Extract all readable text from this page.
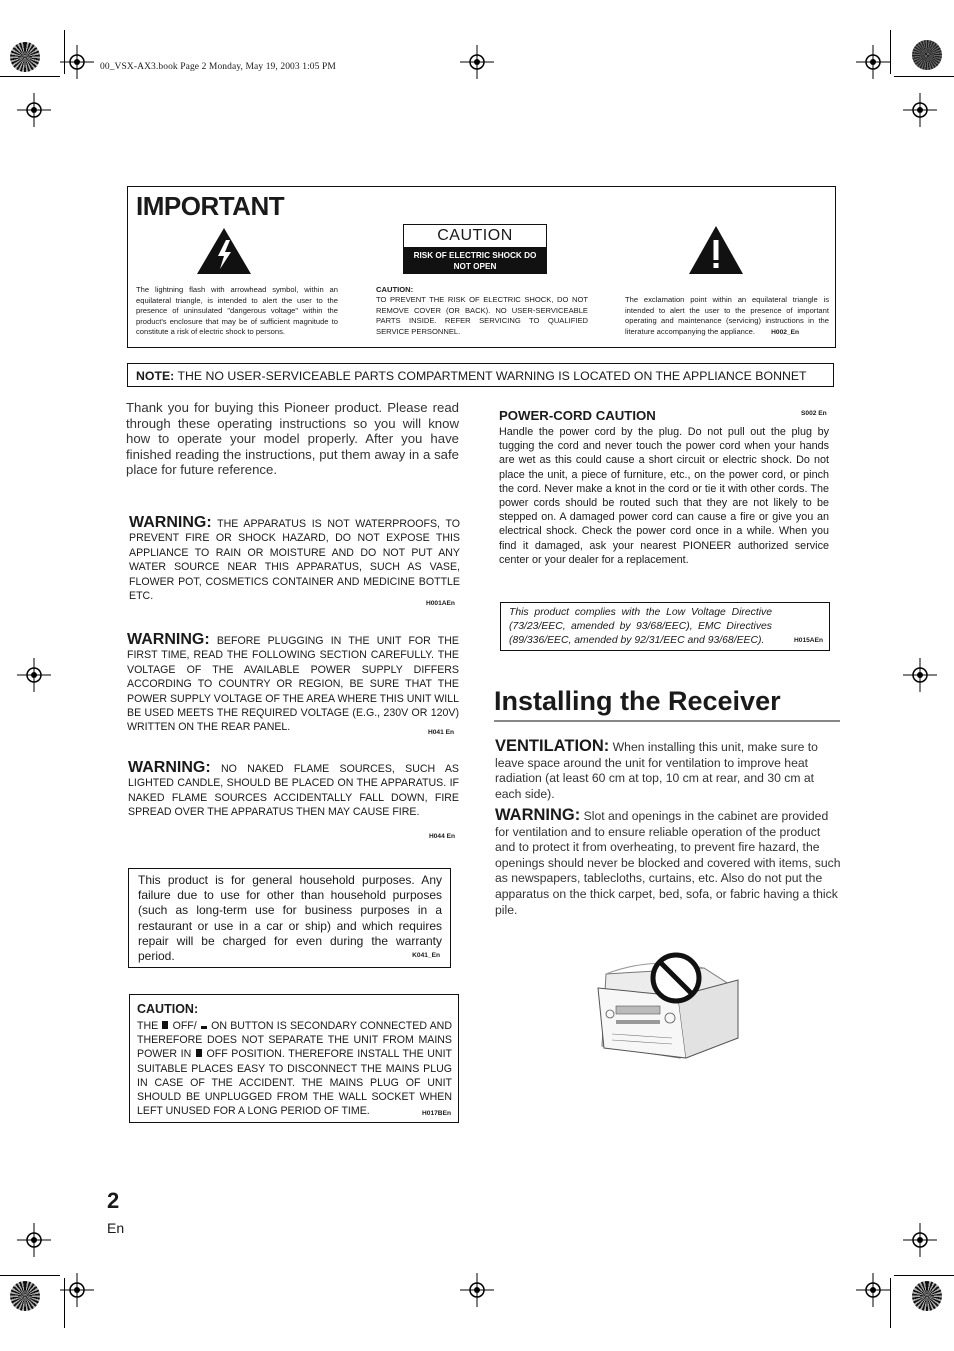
00_VSX-AX3.book Page 2 Monday, May 19, 2003 1:05 PM
IMPORTANT
The lightning flash with arrowhead symbol, within an equilateral triangle, is intended to alert the user to the presence of uninsulated "dangerous voltage" within the product's enclosure that may be of sufficient magnitude to constitute a risk of electric shock to persons.
CAUTION
RISK OF ELECTRIC SHOCK DO NOT OPEN
CAUTION:
TO PREVENT THE RISK OF ELECTRIC SHOCK, DO NOT REMOVE COVER (OR BACK). NO USER-SERVICEABLE PARTS INSIDE. REFER SERVICING TO QUALIFIED SERVICE PERSONNEL.
The exclamation point within an equilateral triangle is intended to alert the user to the presence of important operating and maintenance (servicing) instructions in the literature accompanying the appliance. H002_En
NOTE: THE NO USER-SERVICEABLE PARTS COMPARTMENT WARNING IS LOCATED ON THE APPLIANCE BONNET
Thank you for buying this Pioneer product. Please read through these operating instructions so you will know how to operate your model properly. After you have finished reading the instructions, put them away in a safe place for future reference.
WARNING: THE APPARATUS IS NOT WATERPROOFS, TO PREVENT FIRE OR SHOCK HAZARD, DO NOT EXPOSE THIS APPLIANCE TO RAIN OR MOISTURE AND DO NOT PUT ANY WATER SOURCE NEAR THIS APPARATUS, SUCH AS VASE, FLOWER POT, COSMETICS CONTAINER AND MEDICINE BOTTLE ETC.
H001AEn
WARNING: BEFORE PLUGGING IN THE UNIT FOR THE FIRST TIME, READ THE FOLLOWING SECTION CAREFULLY. THE VOLTAGE OF THE AVAILABLE POWER SUPPLY DIFFERS ACCORDING TO COUNTRY OR REGION, BE SURE THAT THE POWER SUPPLY VOLTAGE OF THE AREA WHERE THIS UNIT WILL BE USED MEETS THE REQUIRED VOLTAGE (E.G., 230V OR 120V) WRITTEN ON THE REAR PANEL.	H041 En
WARNING: NO NAKED FLAME SOURCES, SUCH AS LIGHTED CANDLE, SHOULD BE PLACED ON THE APPARATUS. IF NAKED FLAME SOURCES ACCIDENTALLY FALL DOWN, FIRE SPREAD OVER THE APPARATUS THEN MAY CAUSE FIRE.
H044 En
This product is for general household purposes. Any failure due to use for other than household purposes (such as long-term use for business purposes in a restaurant or use in a car or ship) and which requires repair will be charged for even during the warranty period.	K041_En
CAUTION:
THE  OFF/  ON BUTTON IS SECONDARY CONNECTED AND THEREFORE DOES NOT SEPARATE THE UNIT FROM MAINS POWER IN  OFF POSITION. THEREFORE INSTALL THE UNIT SUITABLE PLACES EASY TO DISCONNECT THE MAINS PLUG IN CASE OF THE ACCIDENT. THE MAINS PLUG OF UNIT SHOULD BE UNPLUGGED FROM THE WALL SOCKET WHEN LEFT UNUSED FOR A LONG PERIOD OF TIME.	H017BEn
POWER-CORD CAUTION	S002 En
Handle the power cord by the plug. Do not pull out the plug by tugging the cord and never touch the power cord when your hands are wet as this could cause a short circuit or electric shock. Do not place the unit, a piece of furniture, etc., on the power cord, or pinch the cord. Never make a knot in the cord or tie it with other cords. The power cords should be routed such that they are not likely to be stepped on. A damaged power cord can cause a fire or give you an electrical shock. Check the power cord once in a while. When you find it damaged, ask your nearest PIONEER authorized service center or your dealer for a replacement.
This product complies with the Low Voltage Directive (73/23/EEC, amended by 93/68/EEC), EMC Directives (89/336/EEC, amended by 92/31/EEC and 93/68/EEC).	H015AEn
Installing the Receiver
VENTILATION: When installing this unit, make sure to leave space around the unit for ventilation to improve heat radiation (at least 60 cm at top, 10 cm at rear, and 30 cm at each side).
WARNING: Slot and openings in the cabinet are provided for ventilation and to ensure reliable operation of the product and to protect it from overheating, to prevent fire hazard, the openings should never be blocked and covered with items, such as newspapers, tablecloths, curtains, etc. Also do not put the apparatus on the thick carpet, bed, sofa, or fabric having a thick pile.
2
En
